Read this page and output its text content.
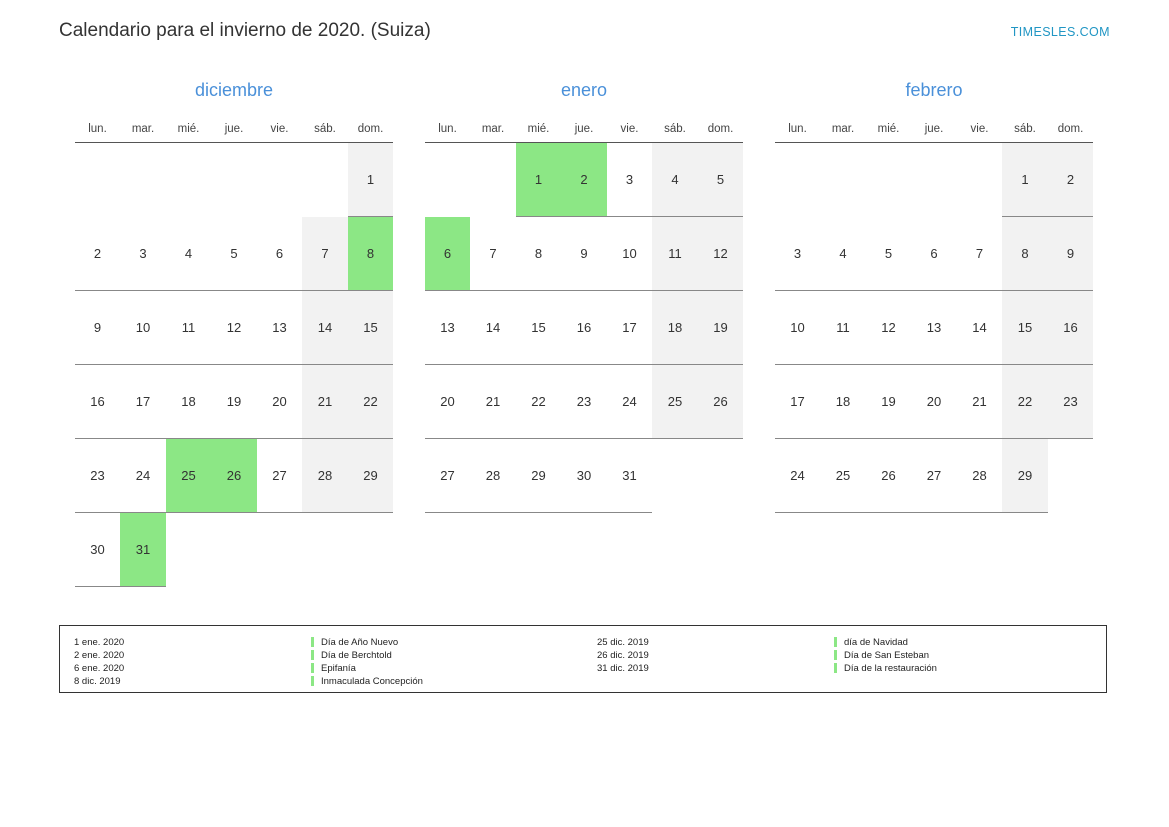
Calendario para el invierno de 2020. (Suiza)	TIMESLES.COM
diciembre
lun.	mar.	mié.	jue.	vie.	sáb.	dom.
						1
2	3	4	5	6	7	8
9	10	11	12	13	14	15
16	17	18	19	20	21	22
23	24	25	26	27	28	29
30	31					
enero
lun.	mar.	mié.	jue.	vie.	sáb.	dom.
		1	2	3	4	5
6	7	8	9	10	11	12
13	14	15	16	17	18	19
20	21	22	23	24	25	26
27	28	29	30	31		
febrero
lun.	mar.	mié.	jue.	vie.	sáb.	dom.
					1	2
3	4	5	6	7	8	9
10	11	12	13	14	15	16
17	18	19	20	21	22	23
24	25	26	27	28	29	
1 ene. 2020	Día de Año Nuevo
2 ene. 2020	Día de Berchtold
6 ene. 2020	Epifanía
8 dic. 2019	Inmaculada Concepción
25 dic. 2019	día de Navidad
26 dic. 2019	Día de San Esteban
31 dic. 2019	Día de la restauración
